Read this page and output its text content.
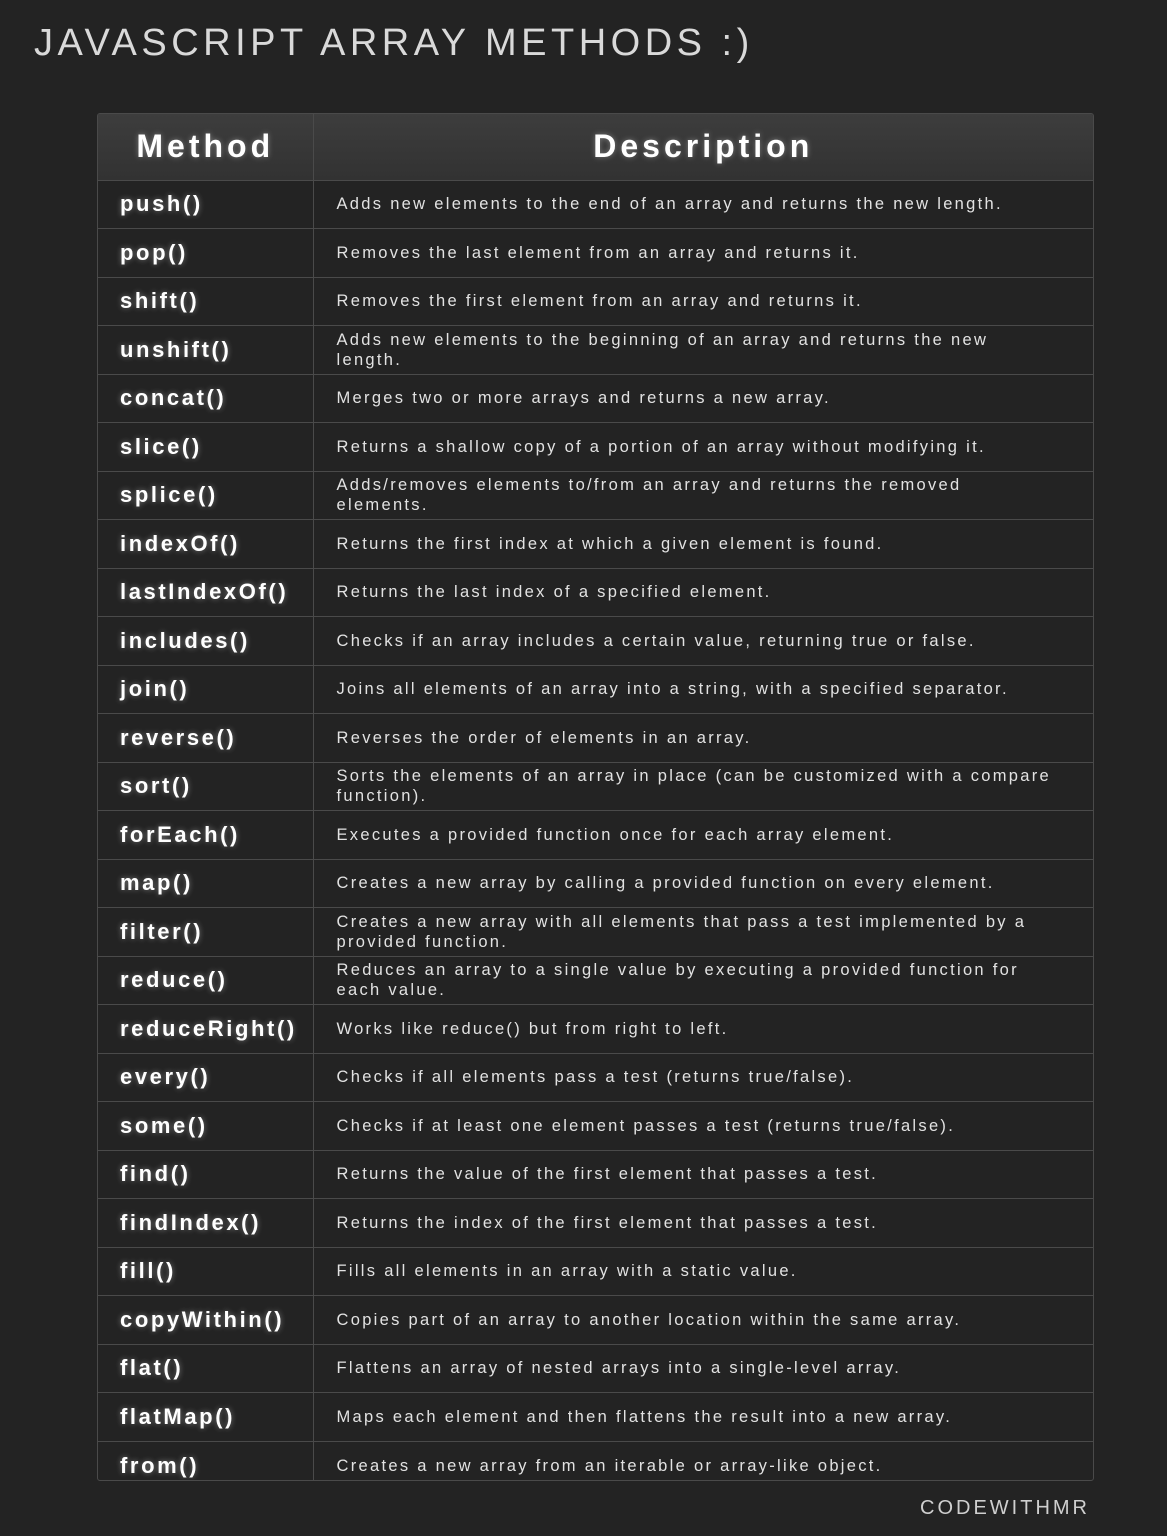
JAVASCRIPT ARRAY METHODS :)
Method	Description
push()	Adds new elements to the end of an array and returns the new length.
pop()	Removes the last element from an array and returns it.
shift()	Removes the first element from an array and returns it.
unshift()	Adds new elements to the beginning of an array and returns the new length.
concat()	Merges two or more arrays and returns a new array.
slice()	Returns a shallow copy of a portion of an array without modifying it.
splice()	Adds/removes elements to/from an array and returns the removed elements.
indexOf()	Returns the first index at which a given element is found.
lastIndexOf()	Returns the last index of a specified element.
includes()	Checks if an array includes a certain value, returning true or false.
join()	Joins all elements of an array into a string, with a specified separator.
reverse()	Reverses the order of elements in an array.
sort()	Sorts the elements of an array in place (can be customized with a compare function).
forEach()	Executes a provided function once for each array element.
map()	Creates a new array by calling a provided function on every element.
filter()	Creates a new array with all elements that pass a test implemented by a provided function.
reduce()	Reduces an array to a single value by executing a provided function for each value.
reduceRight()	Works like reduce() but from right to left.
every()	Checks if all elements pass a test (returns true/false).
some()	Checks if at least one element passes a test (returns true/false).
find()	Returns the value of the first element that passes a test.
findIndex()	Returns the index of the first element that passes a test.
fill()	Fills all elements in an array with a static value.
copyWithin()	Copies part of an array to another location within the same array.
flat()	Flattens an array of nested arrays into a single-level array.
flatMap()	Maps each element and then flattens the result into a new array.
from()	Creates a new array from an iterable or array-like object.
CODEWITHMR
